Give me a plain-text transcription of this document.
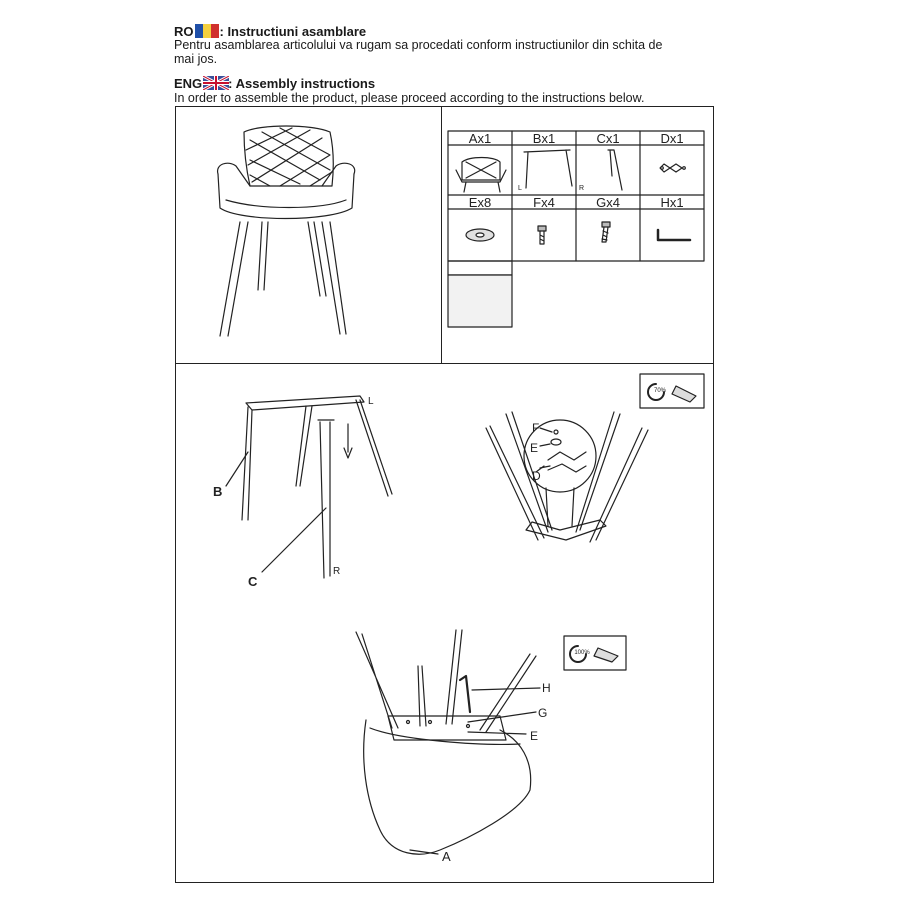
RO : Instructiuni asamblare
Pentru asamblarea articolului va rugam sa procedati conform instructiunilor din schita de
mai jos.
ENG : Assembly instructions
In order to assemble the product, please proceed according to the instructions below.
Ax1	Bx1	Cx1	Dx1
Ex8	Fx4	Gx4	Hx1
L	R
B
C
L
R
F
E
D
H
G
E
A
70%
100%
